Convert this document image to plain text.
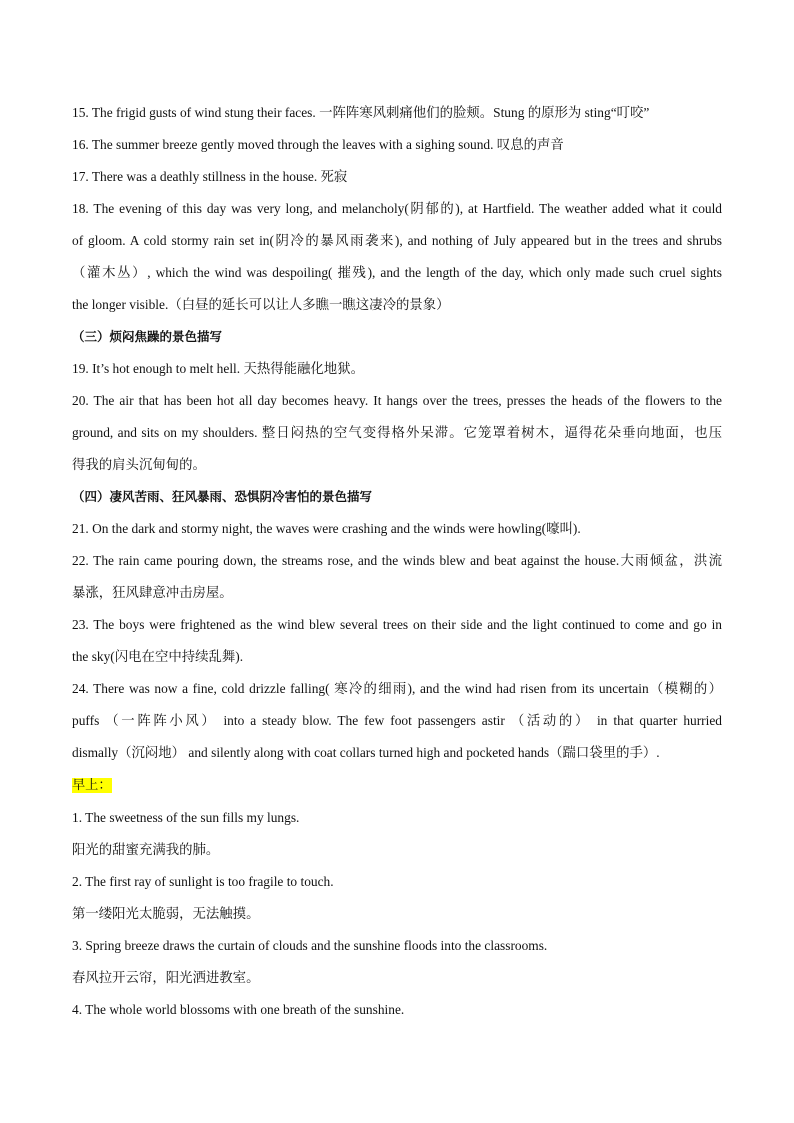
15. The frigid gusts of wind stung their faces. 一阵阵寒风刺痛他们的脸颊。Stung 的原形为 sting“叮咬”
16. The summer breeze gently moved through the leaves with a sighing sound. 叹息的声音
17. There was a deathly stillness in the house. 死寂
18. The evening of this day was very long, and melancholy(阴郁的), at Hartfield. The weather added what it could
of gloom. A cold stormy rain set in(阴冷的暴风雨袭来), and nothing of July appeared but in the trees and shrubs
（灌木丛）, which the wind was despoiling( 摧残), and the length of the day, which only made such cruel sights
the longer visible.（白昼的延长可以让人多瞧一瞧这凄冷的景象）
（三）烦闷焦躁的景色描写
19. It’s hot enough to melt hell. 天热得能融化地狱。
20. The air that has been hot all day becomes heavy. It hangs over the trees, presses the heads of the flowers to the
ground, and sits on my shoulders. 整日闷热的空气变得格外呆滞。它笼罩着树木，逼得花朵垂向地面，也压
得我的肩头沉甸甸的。
（四）凄风苦雨、狂风暴雨、恐惧阴冷害怕的景色描写
21. On the dark and stormy night, the waves were crashing and the winds were howling(嚎叫).
22. The rain came pouring down, the streams rose, and the winds blew and beat against the house.大雨倾盆，洪流
暴涨，狂风肆意冲击房屋。
23. The boys were frightened as the wind blew several trees on their side and the light continued to come and go in
the sky(闪电在空中持续乱舞).
24. There was now a fine, cold drizzle falling( 寒冷的细雨), and the wind had risen from its uncertain（模糊的）
puffs （一阵阵小风） into a steady blow. The few foot passengers astir （活动的） in that quarter hurried
dismally（沉闷地） and silently along with coat collars turned high and pocketed hands（踹口袋里的手）.
早上：
1. The sweetness of the sun fills my lungs.
阳光的甜蜜充满我的肺。
2. The first ray of sunlight is too fragile to touch.
第一缕阳光太脆弱，无法触摸。
3. Spring breeze draws the curtain of clouds and the sunshine floods into the classrooms.
春风拉开云帘，阳光洒进教室。
4. The whole world blossoms with one breath of the sunshine.
